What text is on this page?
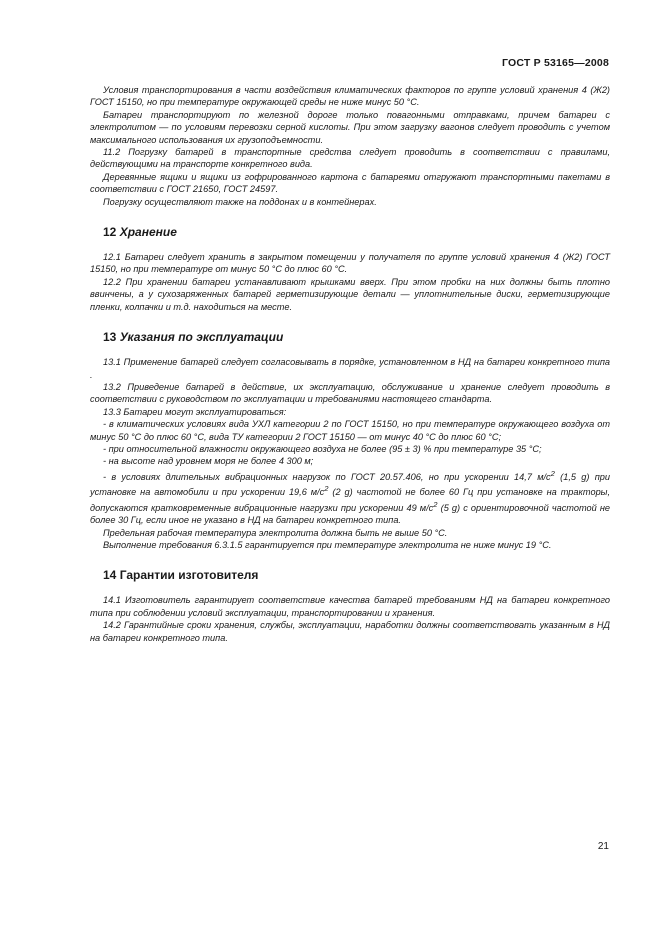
ГОСТ Р 53165—2008

Условия транспортирования в части воздействия климатических факторов по группе условий хранения 4 (Ж2) ГОСТ 15150, но при температуре окружающей среды не ниже минус 50 °С.

Батареи транспортируют по железной дороге только повагонными отправками, причем батареи с электролитом — по условиям перевозки серной кислоты. При этом загрузку вагонов следует проводить с учетом максимального использования их грузоподъемности.

11.2 Погрузку батарей в транспортные средства следует проводить в соответствии с правилами, действующими на транспорте конкретного вида.

Деревянные ящики и ящики из гофрированного картона с батареями отгружают транспортными пакетами в соответствии с ГОСТ 21650, ГОСТ 24597.

Погрузку осуществляют также на поддонах и в контейнерах.

12 Хранение

12.1 Батареи следует хранить в закрытом помещении у получателя по группе условий хранения 4 (Ж2) ГОСТ 15150, но при температуре от минус 50 °С до плюс 60 °С.

12.2 При хранении батареи устанавливают крышками вверх. При этом пробки на них должны быть плотно ввинчены, а у сухозаряженных батарей герметизирующие детали — уплотнительные диски, герметизирующие пленки, колпачки и т.д. находиться на месте.

13 Указания по эксплуатации

13.1 Применение батарей следует согласовывать в порядке, установленном в НД на батареи конкретного типа .

13.2 Приведение батарей в действие, их эксплуатацию, обслуживание и хранение следует проводить в соответствии с руководством по эксплуатации и требованиями настоящего стандарта.

13.3 Батареи могут эксплуатироваться:

- в климатических условиях вида УХЛ категории 2 по ГОСТ 15150, но при температуре окружающего воздуха от минус 50 °С до плюс 60 °С, вида ТУ категории 2 ГОСТ 15150 — от минус 40 °С до плюс 60 °С;

- при относительной влажности окружающего воздуха не более (95 ± 3) % при температуре 35 °С;

- на высоте над уровнем моря не более 4 300 м;

- в условиях длительных вибрационных нагрузок по ГОСТ 20.57.406, но при ускорении 14,7 $м/с^2$ (1,5 g) при установке на автомобили и при ускорении 19,6 $м/с^2$ (2 g) частотой не более 60 Гц при установке на тракторы, допускаются кратковременные вибрационные нагрузки при ускорении 49 $м/с^2$ (5 g) с ориентировочной частотой не более 30 Гц, если иное не указано в НД на батареи конкретного типа.

Предельная рабочая температура электролита должна быть не выше 50 °С.

Выполнение требования 6.3.1.5 гарантируется при температуре электролита не ниже минус 19 °С.

14 Гарантии изготовителя

14.1 Изготовитель гарантирует соответствие качества батарей требованиям НД на батареи конкретного типа при соблюдении условий эксплуатации, транспортировании и хранения.

14.2 Гарантийные сроки хранения, службы, эксплуатации, наработки должны соответствовать указанным в НД на батареи конкретного типа.

21
